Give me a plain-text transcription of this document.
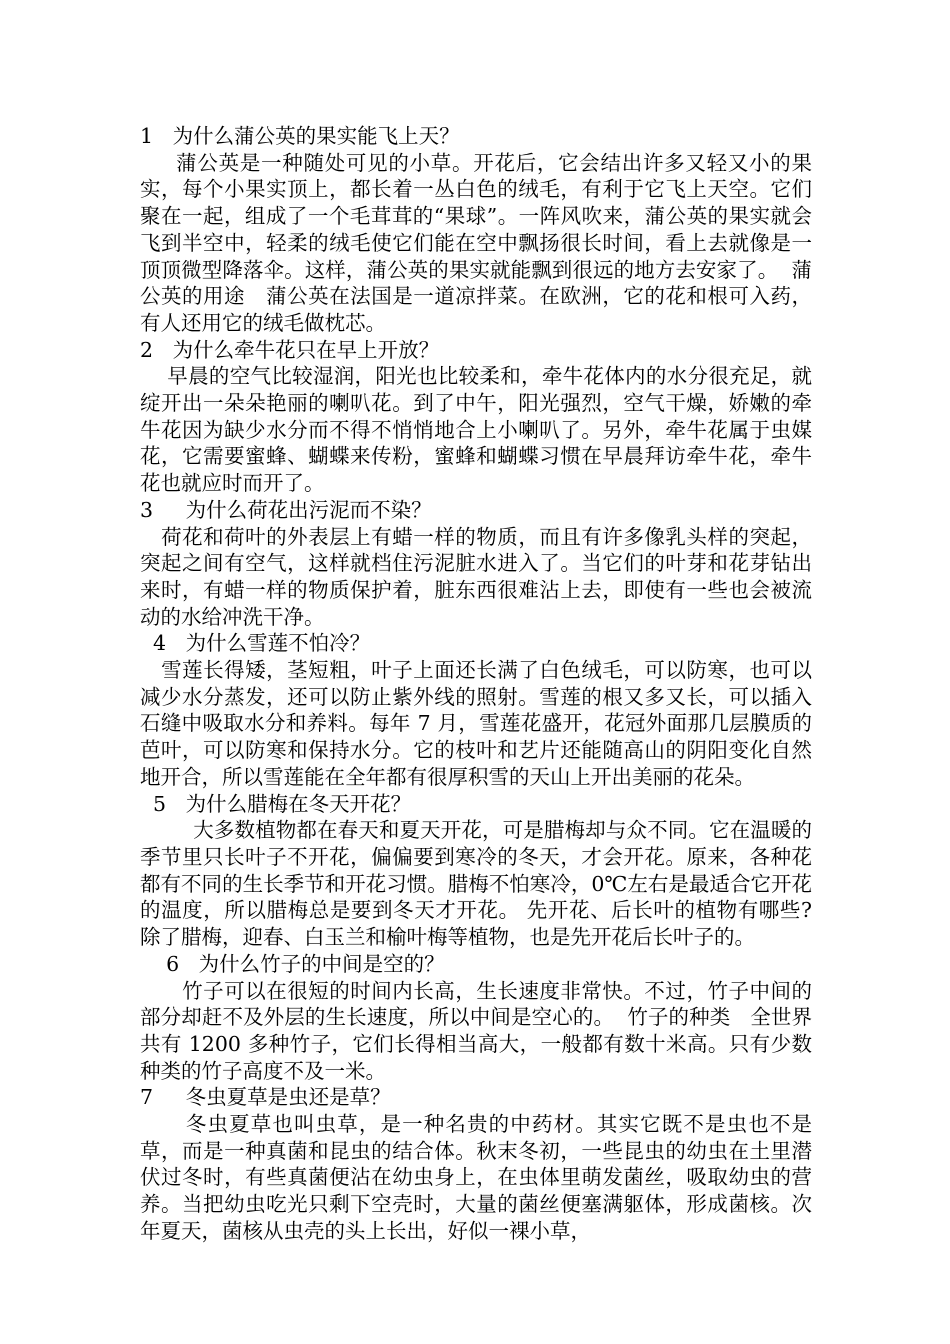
1   为什么蒲公英的果实能飞上天？

蒲公英是一种随处可见的小草。开花后，它会结出许多又轻又小的果实，每个小果实顶上，都长着一丛白色的绒毛，有利于它飞上天空。它们聚在一起，组成了一个毛茸茸的“果球”。一阵风吹来，蒲公英的果实就会飞到半空中，轻柔的绒毛使它们能在空中飘扬很长时间，看上去就像是一顶顶微型降落伞。这样，蒲公英的果实就能飘到很远的地方去安家了。  蒲公英的用途   蒲公英在法国是一道凉拌菜。在欧洲，它的花和根可入药，有人还用它的绒毛做枕芯。

2   为什么牵牛花只在早上开放？

早晨的空气比较湿润，阳光也比较柔和，牵牛花体内的水分很充足，就绽开出一朵朵艳丽的喇叭花。到了中午，阳光强烈，空气干燥，娇嫩的牵牛花因为缺少水分而不得不悄悄地合上小喇叭了。另外，牵牛花属于虫媒花，它需要蜜蜂、蝴蝶来传粉，蜜蜂和蝴蝶习惯在早晨拜访牵牛花，牵牛花也就应时而开了。

3     为什么荷花出污泥而不染？

荷花和荷叶的外表层上有蜡一样的物质，而且有许多像乳头样的突起，突起之间有空气，这样就档住污泥脏水进入了。当它们的叶芽和花芽钻出来时，有蜡一样的物质保护着，脏东西很难沾上去，即使有一些也会被流动的水给冲洗干净。

4   为什么雪莲不怕冷？

雪莲长得矮，茎短粗，叶子上面还长满了白色绒毛，可以防寒，也可以减少水分蒸发，还可以防止紫外线的照射。雪莲的根又多又长，可以插入石缝中吸取水分和养料。每年 7 月，雪莲花盛开，花冠外面那几层膜质的芭叶，可以防寒和保持水分。它的枝叶和艺片还能随高山的阴阳变化自然地开合，所以雪莲能在全年都有很厚积雪的天山上开出美丽的花朵。

5   为什么腊梅在冬天开花？

大多数植物都在春天和夏天开花，可是腊梅却与众不同。它在温暖的季节里只长叶子不开花，偏偏要到寒冷的冬天，才会开花。原来，各种花都有不同的生长季节和开花习惯。腊梅不怕寒冷，0℃左右是最适合它开花的温度，所以腊梅总是要到冬天才开花。 先开花、后长叶的植物有哪些?  除了腊梅，迎春、白玉兰和榆叶梅等植物，也是先开花后长叶子的。

6   为什么竹子的中间是空的？

竹子可以在很短的时间内长高，生长速度非常快。不过，竹子中间的部分却赶不及外层的生长速度，所以中间是空心的。  竹子的种类   全世界共有 1200 多种竹子，它们长得相当高大，一般都有数十米高。只有少数种类的竹子高度不及一米。

7     冬虫夏草是虫还是草？

冬虫夏草也叫虫草，是一种名贵的中药材。其实它既不是虫也不是草，而是一种真菌和昆虫的结合体。秋末冬初，一些昆虫的幼虫在土里潜伏过冬时，有些真菌便沾在幼虫身上，在虫体里萌发菌丝，吸取幼虫的营养。当把幼虫吃光只剩下空壳时，大量的菌丝便塞满躯体，形成菌核。次年夏天，菌核从虫壳的头上长出，好似一裸小草，
